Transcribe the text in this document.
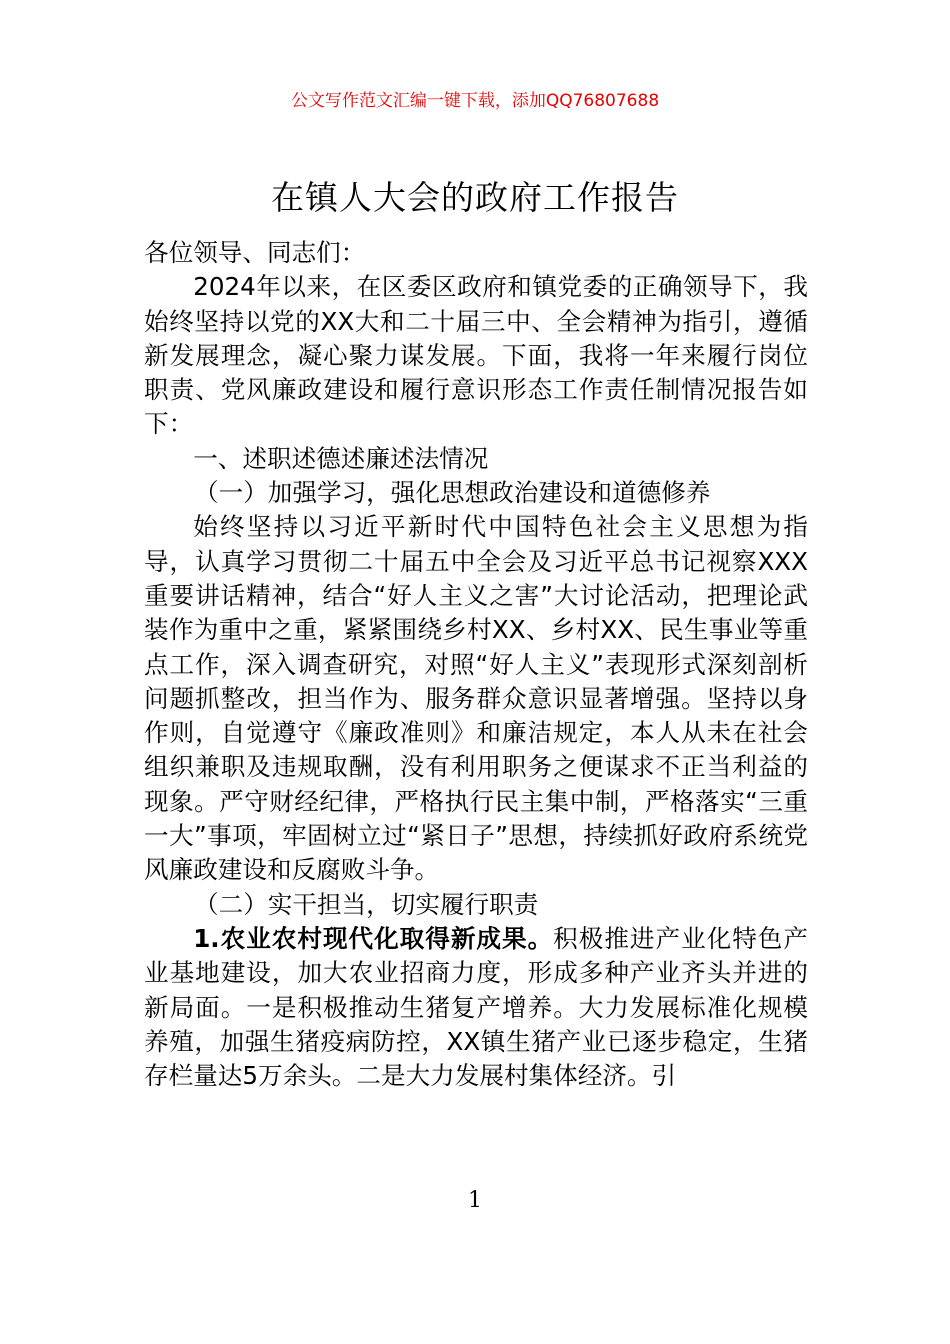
公文写作范文汇编一键下载，添加QQ76807688
在镇人大会的政府工作报告

各位领导、同志们：

2024年以来，在区委区政府和镇党委的正确领导下，我始终坚持以党的XX大和二十届三中、全会精神为指引，遵循新发展理念，凝心聚力谋发展。下面，我将一年来履行岗位职责、党风廉政建设和履行意识形态工作责任制情况报告如下：

一、述职述德述廉述法情况

（一）加强学习，强化思想政治建设和道德修养

始终坚持以习近平新时代中国特色社会主义思想为指导，认真学习贯彻二十届五中全会及习近平总书记视察XXX重要讲话精神，结合“好人主义之害”大讨论活动，把理论武装作为重中之重，紧紧围绕乡村XX、乡村XX、民生事业等重点工作，深入调查研究，对照“好人主义”表现形式深刻剖析问题抓整改，担当作为、服务群众意识显著增强。坚持以身作则，自觉遵守《廉政准则》和廉洁规定，本人从未在社会组织兼职及违规取酬，没有利用职务之便谋求不正当利益的现象。严守财经纪律，严格执行民主集中制，严格落实“三重一大”事项，牢固树立过“紧日子”思想，持续抓好政府系统党风廉政建设和反腐败斗争。

（二）实干担当，切实履行职责

1.农业农村现代化取得新成果。积极推进产业化特色产业基地建设，加大农业招商力度，形成多种产业齐头并进的新局面。一是积极推动生猪复产增养。大力发展标准化规模养殖，加强生猪疫病防控，XX镇生猪产业已逐步稳定，生猪存栏量达5万余头。二是大力发展村集体经济。引

1
